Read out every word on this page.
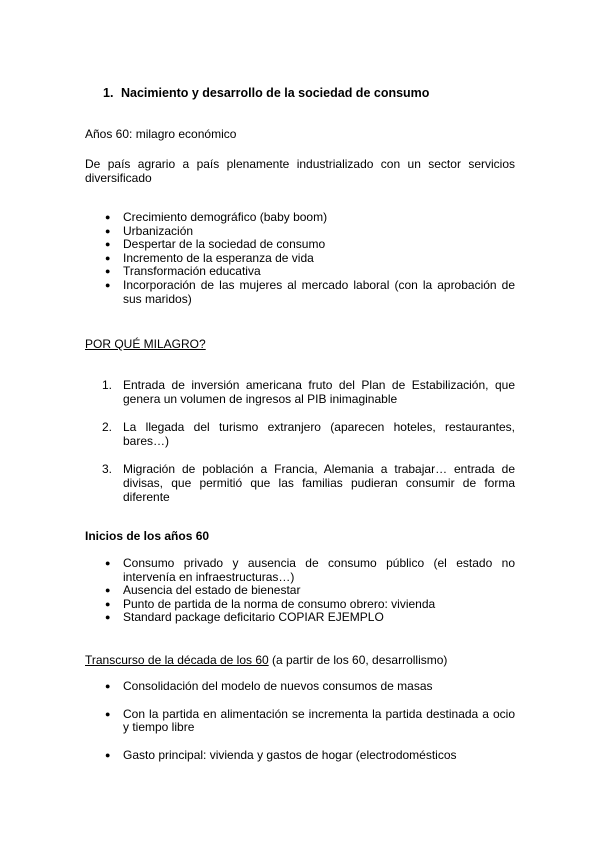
1. Nacimiento y desarrollo de la sociedad de consumo
Años 60: milagro económico
De país agrario a país plenamente industrializado con un sector servicios diversificado
● Crecimiento demográfico (baby boom)
● Urbanización
● Despertar de la sociedad de consumo
● Incremento de la esperanza de vida
● Transformación educativa
● Incorporación de las mujeres al mercado laboral (con la aprobación de sus maridos)
POR QUÉ MILAGRO?
1. Entrada de inversión americana fruto del Plan de Estabilización, que genera un volumen de ingresos al PIB inimaginable
2. La llegada del turismo extranjero (aparecen hoteles, restaurantes, bares…)
3. Migración de población a Francia, Alemania a trabajar… entrada de divisas, que permitió que las familias pudieran consumir de forma diferente
Inicios de los años 60
● Consumo privado y ausencia de consumo público (el estado no intervenía en infraestructuras…)
● Ausencia del estado de bienestar
● Punto de partida de la norma de consumo obrero: vivienda
● Standard package deficitario COPIAR EJEMPLO
Transcurso de la década de los 60 (a partir de los 60, desarrollismo)
● Consolidación del modelo de nuevos consumos de masas
● Con la partida en alimentación se incrementa la partida destinada a ocio y tiempo libre
● Gasto principal: vivienda y gastos de hogar (electrodomésticos
